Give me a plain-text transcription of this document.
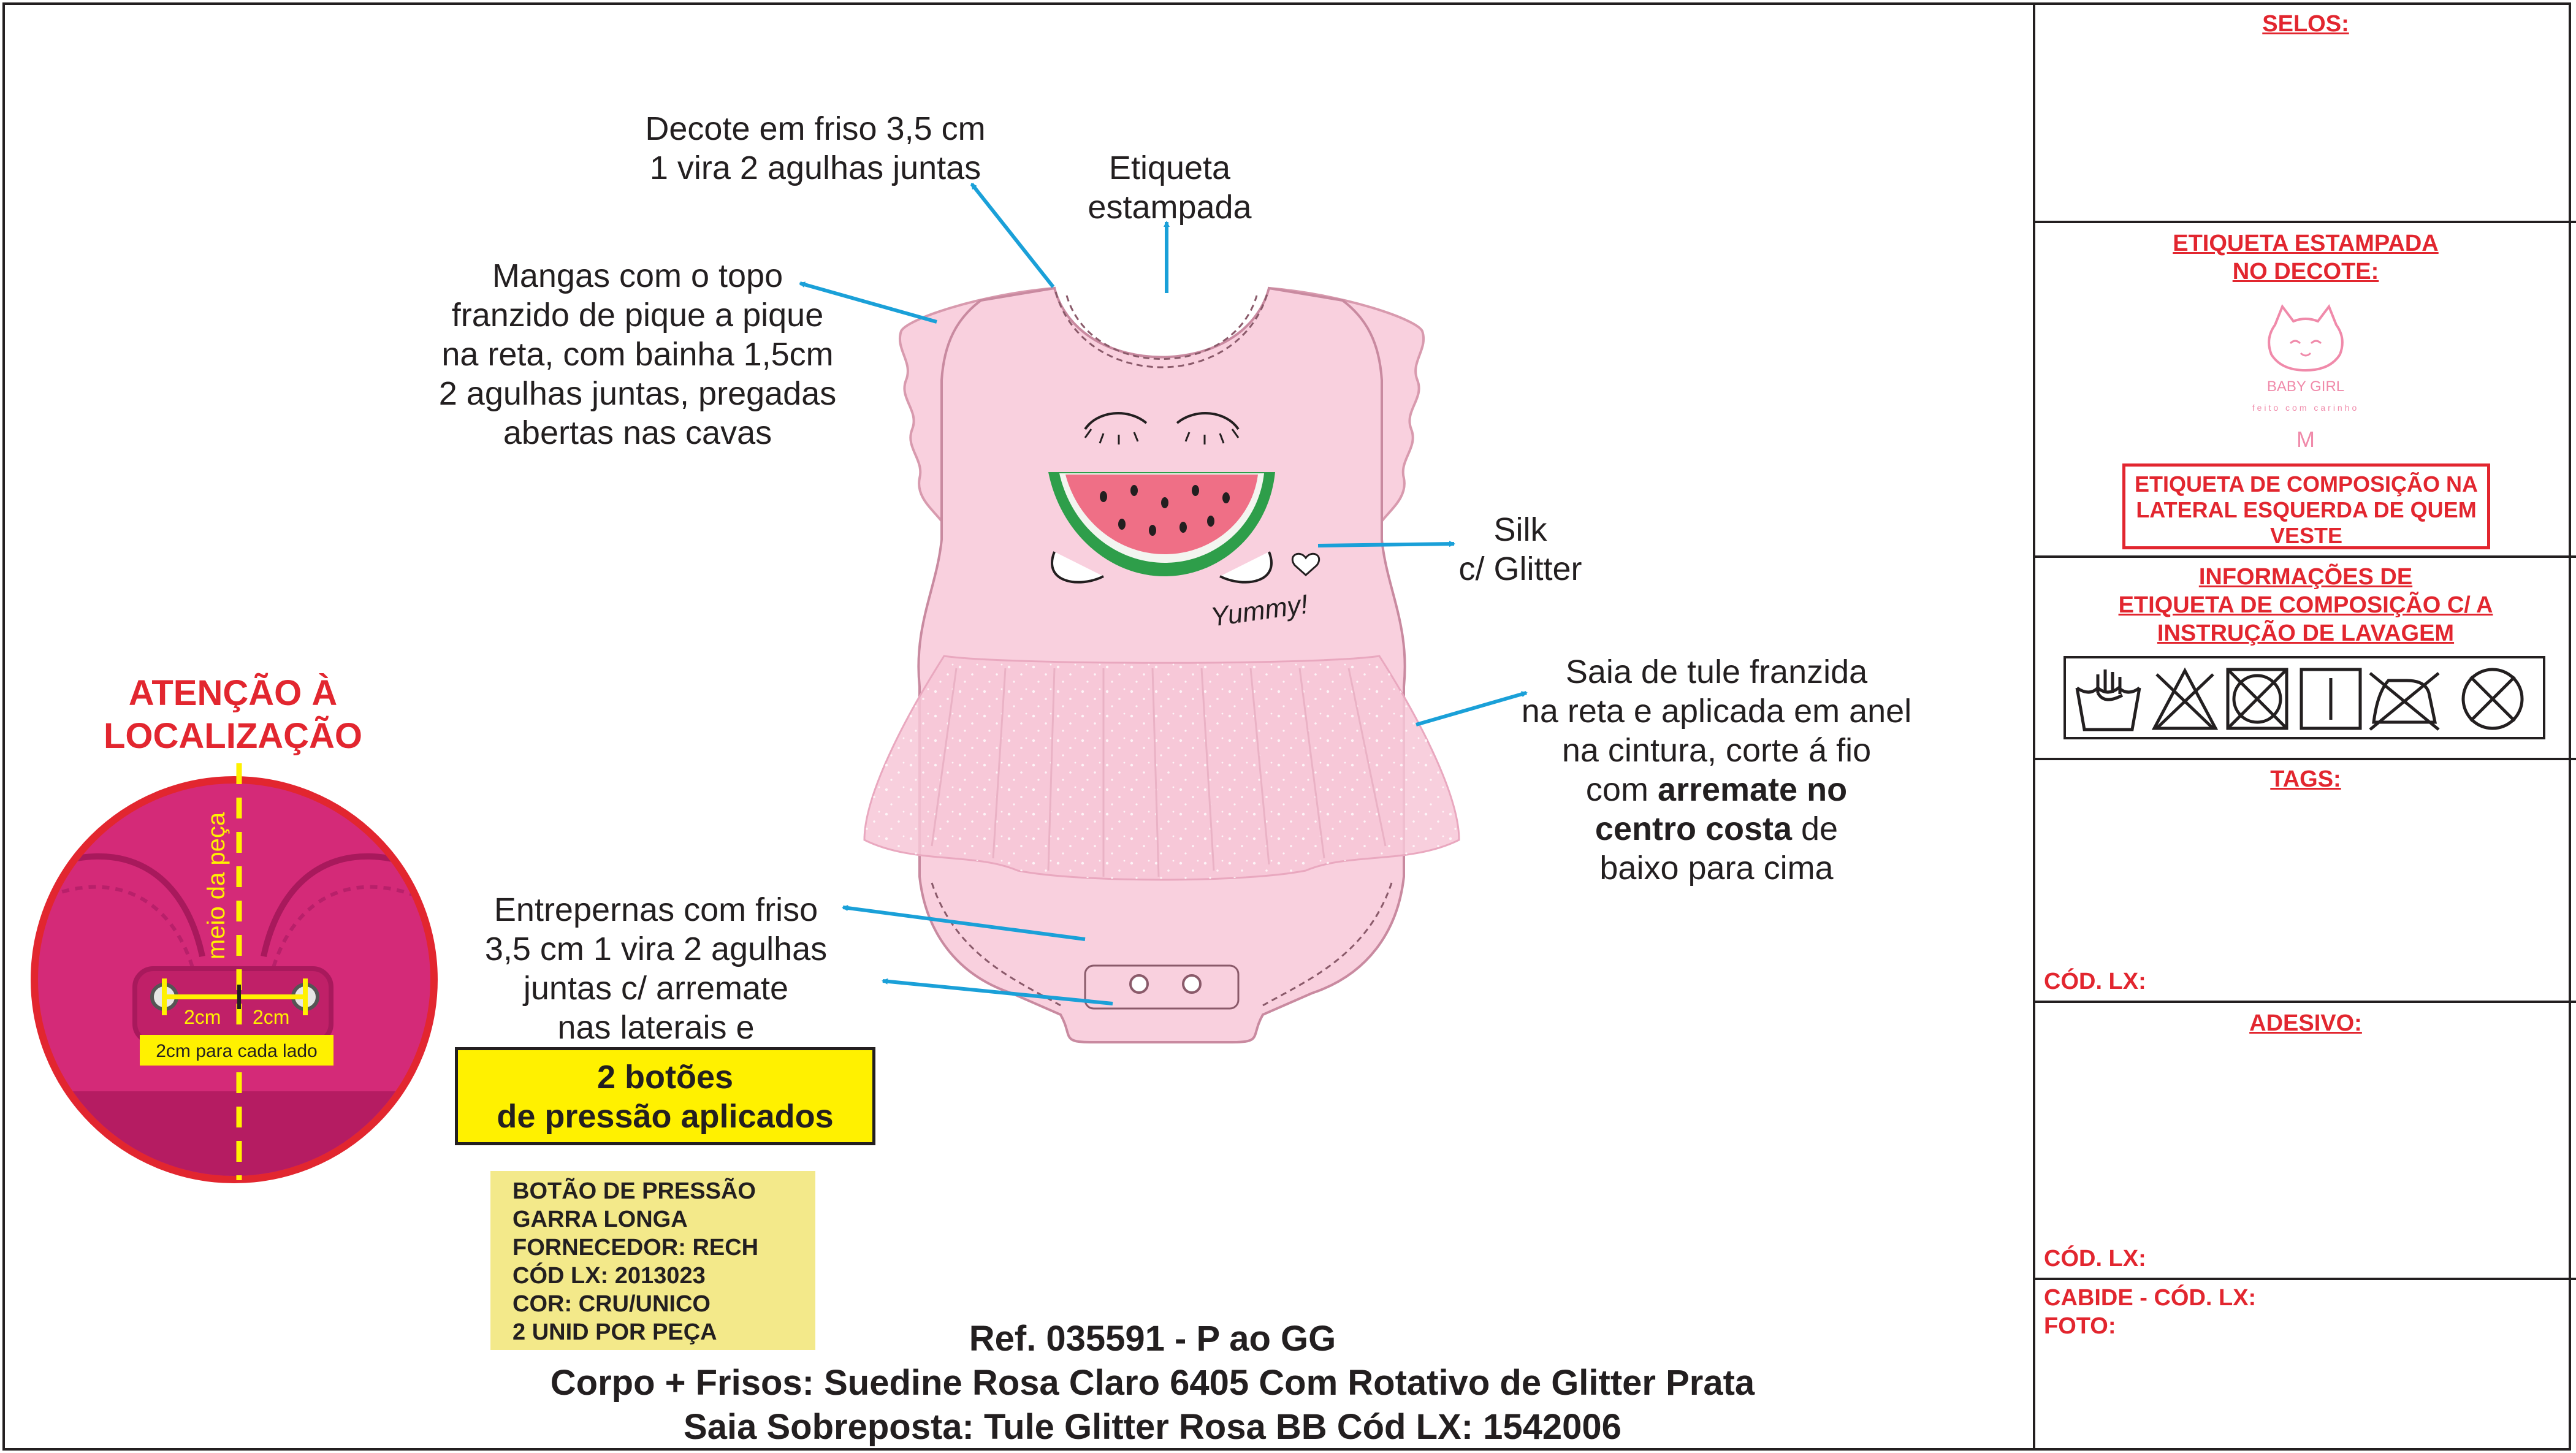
Yummy!
meio da peça
2cm 2cm
2cm para cada lado
Decote em friso 3,5 cm
1 vira 2 agulhas juntas	Etiqueta
estampada
Mangas com o topo
franzido de pique a pique
na reta, com bainha 1,5cm
2 agulhas juntas, pregadas
abertas nas cavas
Silk
c/ Glitter
Saia de tule franzida
na reta e aplicada em anel
na cintura, corte á fio
com arremate no
centro costa de
baixo para cima
Entrepernas com friso
3,5 cm 1 vira 2 agulhas
juntas c/ arremate
nas laterais e
2 botões
de pressão aplicados
ATENÇÃO À
LOCALIZAÇÃO
BOTÃO DE PRESSÃO
GARRA LONGA
FORNECEDOR: RECH
CÓD LX: 2013023
COR: CRU/UNICO
2 UNID POR PEÇA	Ref. 035591 - P ao GG
Corpo + Frisos: Suedine Rosa Claro 6405 Com Rotativo de Glitter Prata
Saia Sobreposta: Tule Glitter Rosa BB Cód LX: 1542006
SELOS:
ETIQUETA ESTAMPADA
NO DECOTE:
BABY GIRL
feito com carinho
M
ETIQUETA DE COMPOSIÇÃO NA
LATERAL ESQUERDA DE QUEM
VESTE
INFORMAÇÕES DE
ETIQUETA DE COMPOSIÇÃO C/ A
INSTRUÇÃO DE LAVAGEM
TAGS:
CÓD. LX:
ADESIVO:
CÓD. LX:
CABIDE - CÓD. LX:
FOTO:
